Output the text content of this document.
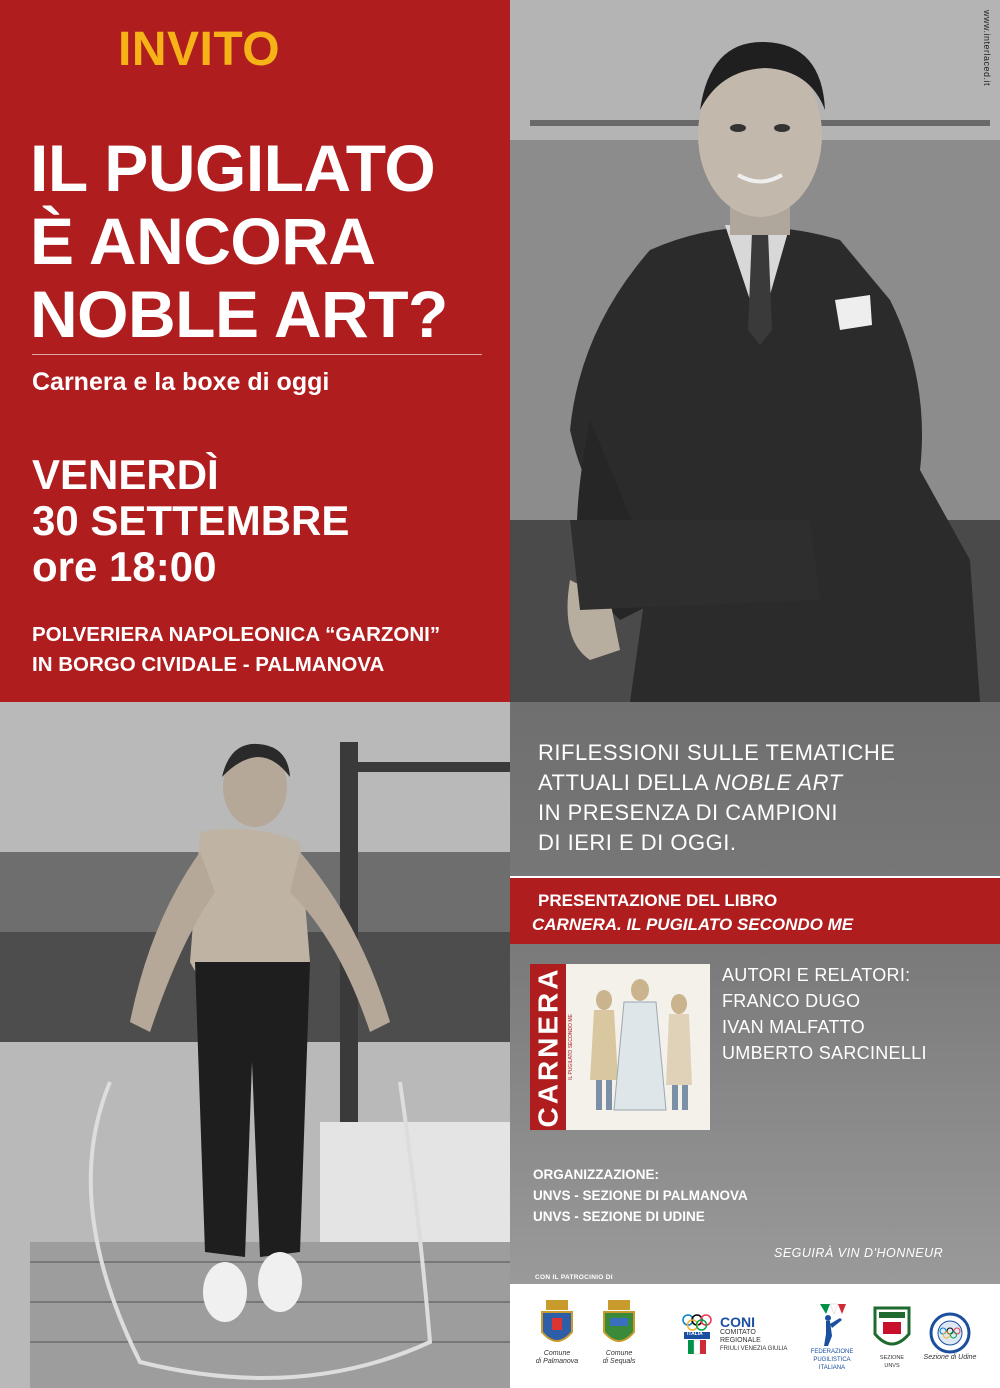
INVITO
IL PUGILATO
È ANCORA
NOBLE ART?
Carnera e la boxe di oggi
VENERDÌ
30 SETTEMBRE
ore 18:00
POLVERIERA NAPOLEONICA “GARZONI”
IN BORGO CIVIDALE - PALMANOVA
www.interlaced.it
RIFLESSIONI SULLE TEMATICHE
ATTUALI DELLA NOBLE ART
IN PRESENZA DI CAMPIONI
DI IERI E DI OGGI.
PRESENTAZIONE DEL LIBRO
CARNERA. IL PUGILATO SECONDO ME
CARNERA IL PUGILATO SECONDO ME
AUTORI E RELATORI:
FRANCO DUGO
IVAN MALFATTO
UMBERTO SARCINELLI
ORGANIZZAZIONE:
UNVS - SEZIONE DI PALMANOVA
UNVS - SEZIONE DI UDINE
SEGUIRÀ VIN D'HONNEUR
CON IL PATROCINIO DI
Comune
di Palmanova
Comune
di Sequals
CONI
COMITATO
REGIONALE
FRIULI VENEZIA GIULIA
ITALIA
FEDERAZIONE
PUGILISTICA
ITALIANA
SEZIONE
UNVS
Sezione di Udine
